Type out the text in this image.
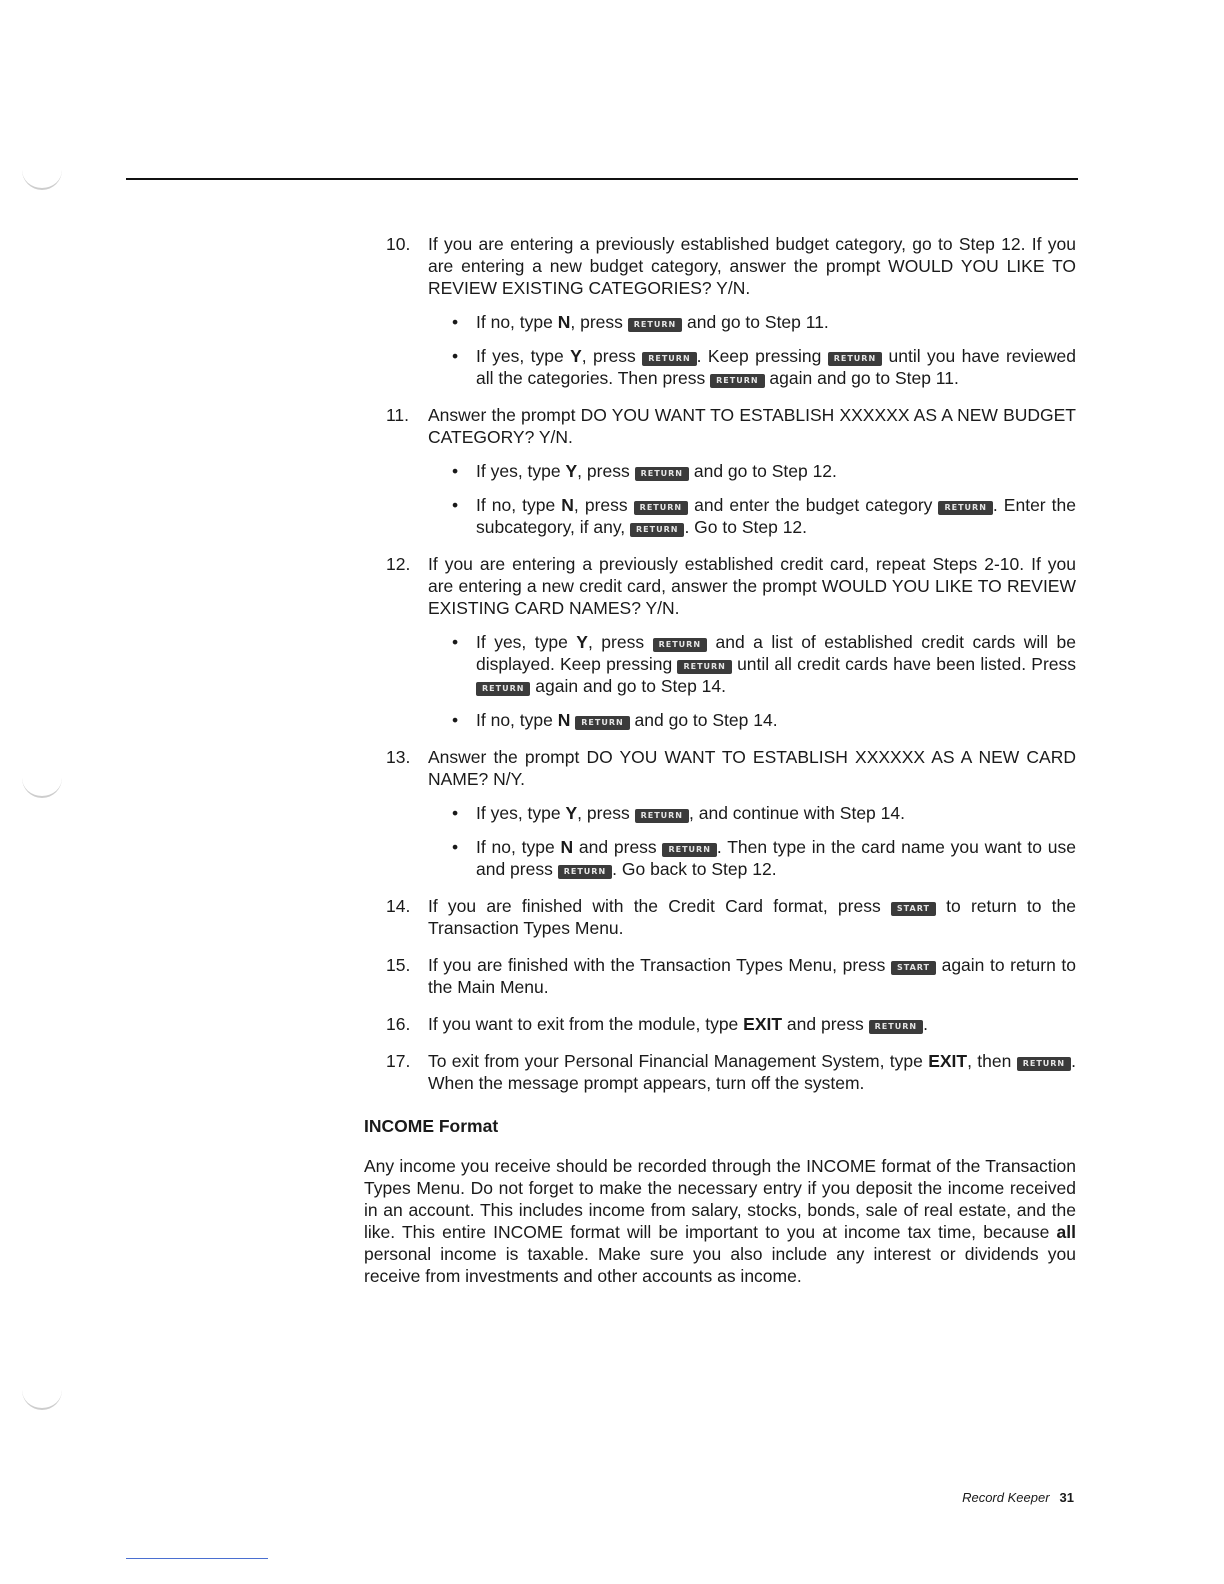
10. If you are entering a previously established budget category, go to Step 12. If you are entering a new budget category, answer the prompt WOULD YOU LIKE TO REVIEW EXISTING CATEGORIES? Y/N.
• If no, type N, press RETURN and go to Step 11.
• If yes, type Y, press RETURN . Keep pressing RETURN until you have reviewed all the categories. Then press RETURN again and go to Step 11.
11. Answer the prompt DO YOU WANT TO ESTABLISH XXXXXX AS A NEW BUDGET CATEGORY? Y/N.
• If yes, type Y, press RETURN and go to Step 12.
• If no, type N, press RETURN and enter the budget category RETURN . Enter the subcategory, if any, RETURN . Go to Step 12.
12. If you are entering a previously established credit card, repeat Steps 2-10. If you are entering a new credit card, answer the prompt WOULD YOU LIKE TO REVIEW EXISTING CARD NAMES? Y/N.
• If yes, type Y, press RETURN and a list of established credit cards will be displayed. Keep pressing RETURN until all credit cards have been listed. Press RETURN again and go to Step 14.
• If no, type N RETURN and go to Step 14.
13. Answer the prompt DO YOU WANT TO ESTABLISH XXXXXX AS A NEW CARD NAME? N/Y.
• If yes, type Y, press RETURN , and continue with Step 14.
• If no, type N and press RETURN . Then type in the card name you want to use and press RETURN . Go back to Step 12.
14. If you are finished with the Credit Card format, press START to return to the Transaction Types Menu.
15. If you are finished with the Transaction Types Menu, press START again to return to the Main Menu.
16. If you want to exit from the module, type EXIT and press RETURN .
17. To exit from your Personal Financial Management System, type EXIT, then RETURN . When the message prompt appears, turn off the system.
INCOME Format
Any income you receive should be recorded through the INCOME format of the Transaction Types Menu. Do not forget to make the necessary entry if you deposit the income received in an account. This includes income from salary, stocks, bonds, sale of real estate, and the like. This entire INCOME format will be important to you at income tax time, because all personal income is taxable. Make sure you also include any interest or dividends you receive from investments and other accounts as income.
Record Keeper 31
